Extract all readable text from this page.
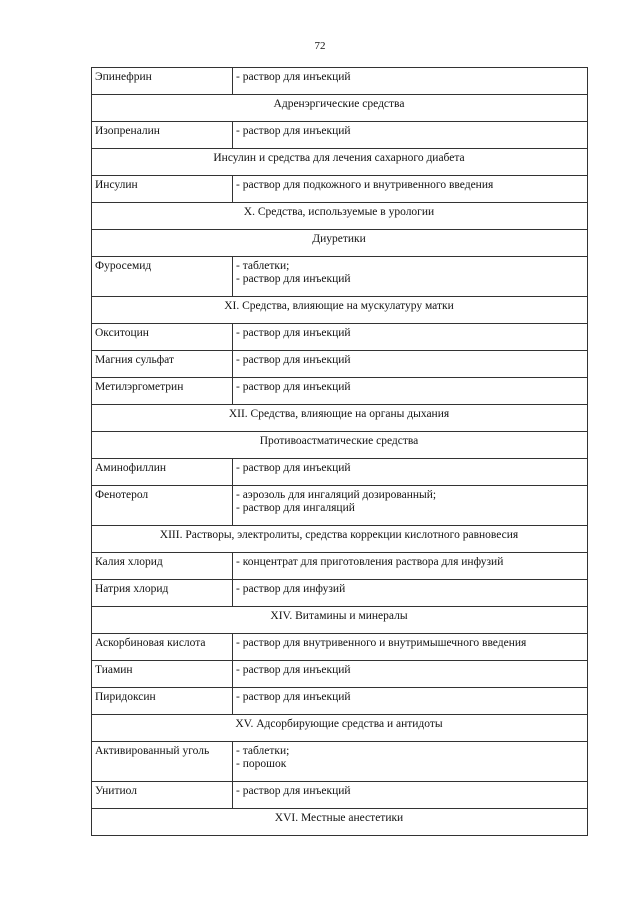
72
Эпинефрин	- раствор для инъекций

Адренэргические средства	
Изопреналин	- раствор для инъекций

Инсулин и средства для лечения сахарного диабета	
Инсулин	- раствор для подкожного и внутривенного введения

X. Средства, используемые в урологии	
Диуретики	
Фуросемид	- таблетки;
- раствор для инъекций

XI. Средства, влияющие на мускулатуру матки	
Окситоцин	- раствор для инъекций

Магния сульфат	- раствор для инъекций

Метилэргометрин	- раствор для инъекций

XII. Средства, влияющие на органы дыхания	
Противоастматические средства	
Аминофиллин	- раствор для инъекций

Фенотерол	- аэрозоль для ингаляций дозированный;
- раствор для ингаляций

XIII. Растворы, электролиты, средства коррекции кислотного равновесия	
Калия хлорид	- концентрат для приготовления раствора для инфузий

Натрия хлорид	- раствор для инфузий

XIV. Витамины и минералы	
Аскорбиновая кислота	- раствор для внутривенного и внутримышечного введения

Тиамин	- раствор для инъекций

Пиридоксин	- раствор для инъекций

XV. Адсорбирующие средства и антидоты	
Активированный уголь	- таблетки;
- порошок

Унитиол	- раствор для инъекций

XVI. Местные анестетики	
